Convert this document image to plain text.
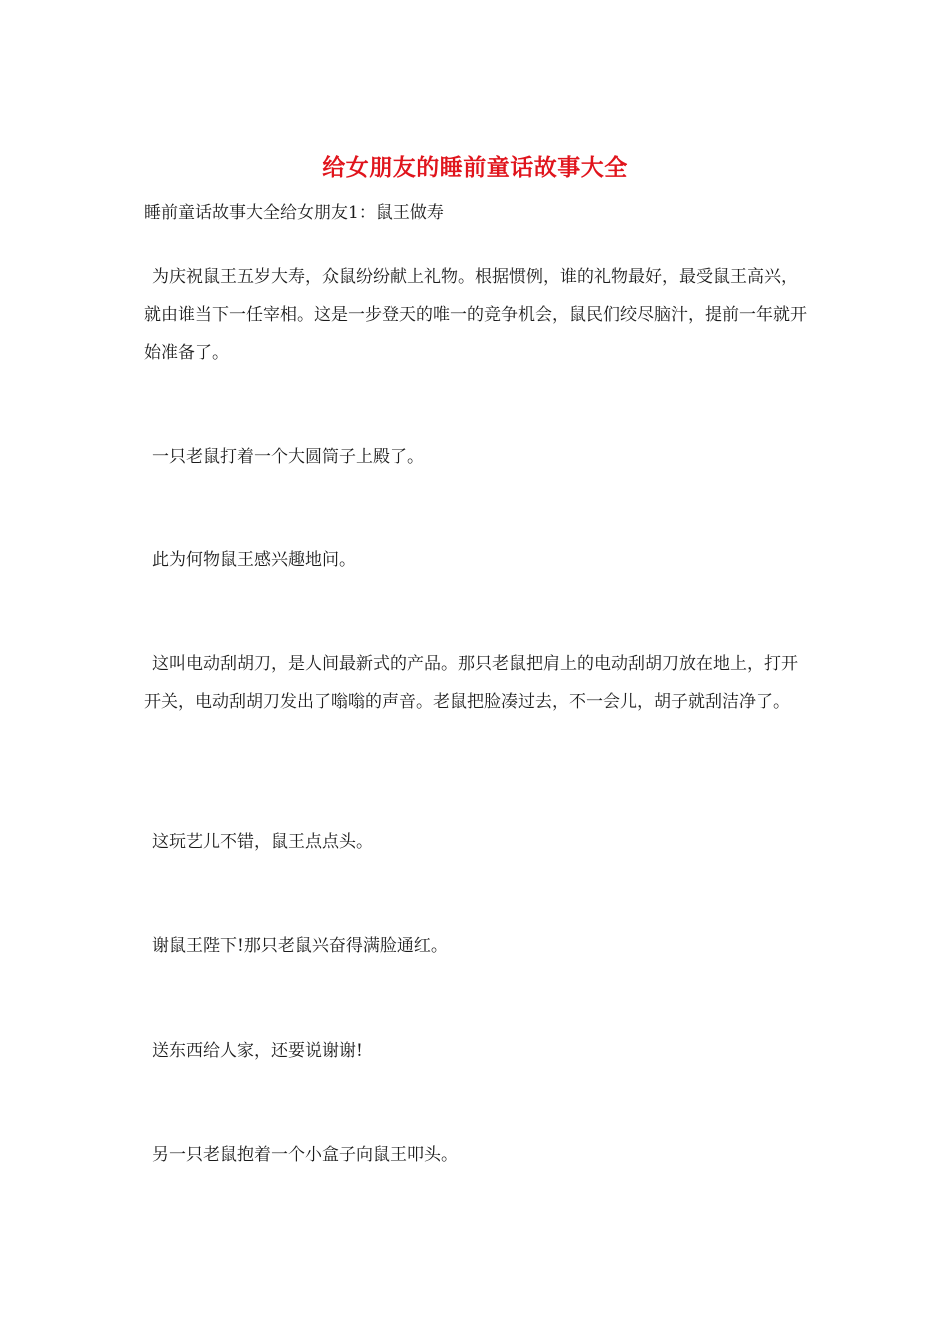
给女朋友的睡前童话故事大全
睡前童话故事大全给女朋友1：鼠王做寿

为庆祝鼠王五岁大寿，众鼠纷纷献上礼物。根据惯例，谁的礼物最好，最受鼠王高兴，就由谁当下一任宰相。这是一步登天的唯一的竞争机会，鼠民们绞尽脑汁，提前一年就开始准备了。

一只老鼠打着一个大圆筒子上殿了。

此为何物鼠王感兴趣地问。

这叫电动刮胡刀，是人间最新式的产品。那只老鼠把肩上的电动刮胡刀放在地上，打开开关，电动刮胡刀发出了嗡嗡的声音。老鼠把脸凑过去，不一会儿，胡子就刮洁净了。

这玩艺儿不错，鼠王点点头。

谢鼠王陛下!那只老鼠兴奋得满脸通红。

送东西给人家，还要说谢谢!

另一只老鼠抱着一个小盒子向鼠王叩头。
